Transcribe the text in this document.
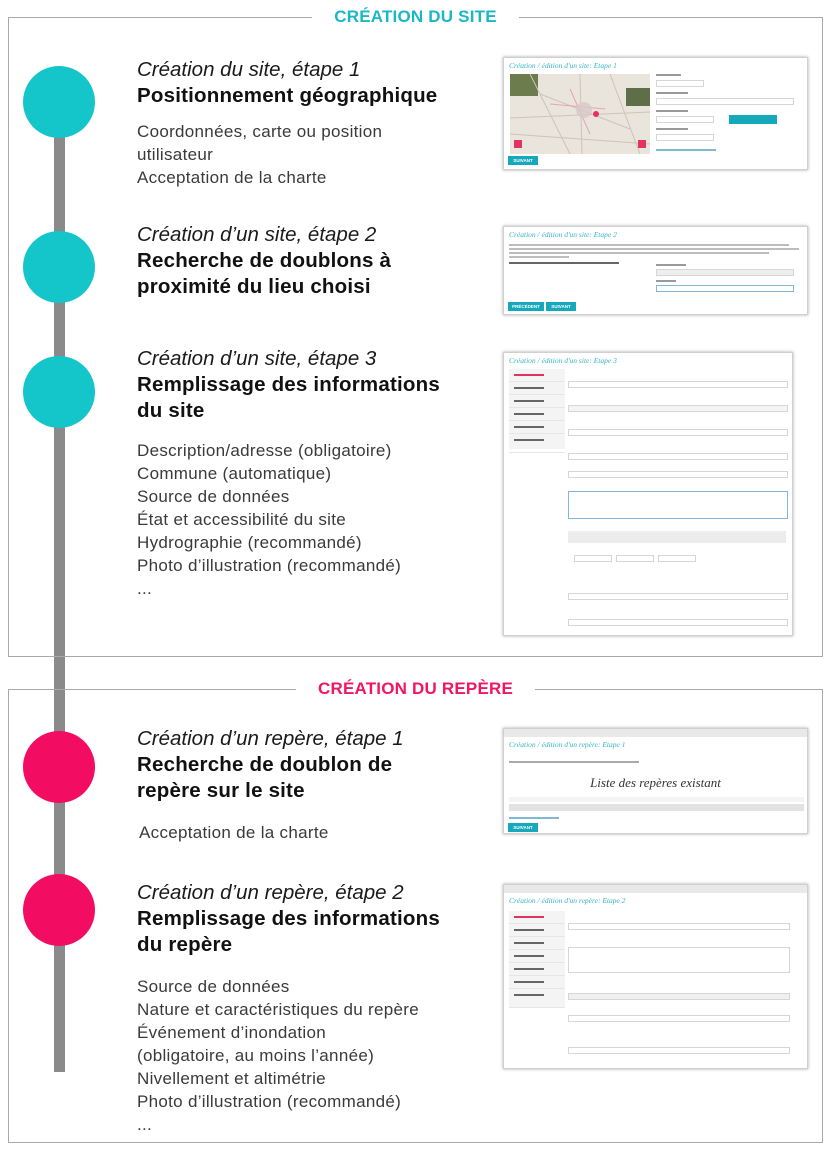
CRÉATION DU SITE
CRÉATION DU REPÈRE
Création du site, étape 1
Positionnement géographique
Coordonnées, carte ou position
utilisateur
Acceptation de la charte
Création d’un site, étape 2
Recherche de doublons à
proximité du lieu choisi
Création d’un site, étape 3
Remplissage des informations
du site
Description/adresse (obligatoire)
Commune (automatique)
Source de données
État et accessibilité du site
Hydrographie (recommandé)
Photo d’illustration (recommandé)
...
Création d’un repère, étape 1
Recherche de doublon de
repère sur le site
Acceptation de la charte
Création d’un repère, étape 2
Remplissage des informations
du repère
Source de données
Nature et caractéristiques du repère
Événement d’inondation
(obligatoire, au moins l’année)
Nivellement et altimétrie
Photo d’illustration (recommandé)
...
Création / édition d'un site: Etape 1
SUIVANT
Création / édition d'un site: Etape 2
PRÉCÉDENT	SUIVANT
Création / édition d'un site: Etape 3
Création / édition d'un repère: Etape 1
Liste des repères existant
SUIVANT
Création / édition d'un repère: Etape 2
